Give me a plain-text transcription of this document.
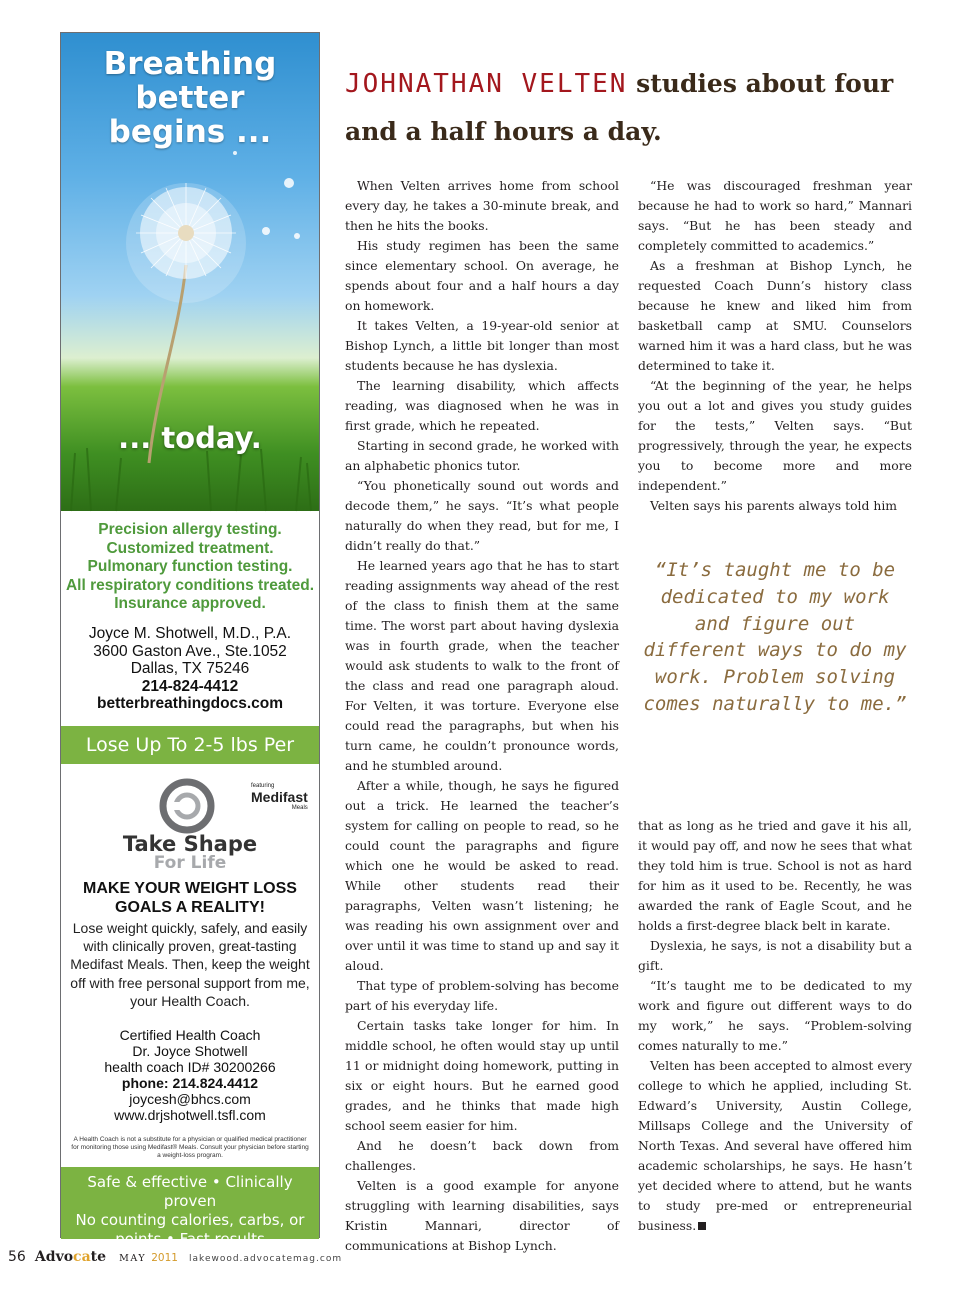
Breathing
better
begins ...
... today.
Precision allergy testing.
Customized treatment.
Pulmonary function testing.
All respiratory conditions treated.
Insurance approved.
Joyce M. Shotwell, M.D., P.A.
3600 Gaston Ave., Ste.1052
Dallas, TX 75246
214-824-4412
betterbreathingdocs.com
Lose Up To 2-5 lbs Per Week	featuring
Medifast
Meals
Take Shape
For Life
MAKE YOUR WEIGHT LOSS
GOALS A REALITY!
Lose weight quickly, safely, and easily with clinically proven, great-tasting Medifast Meals. Then, keep the weight off with free personal support from me, your Health Coach.
Certified Health Coach
Dr. Joyce Shotwell
health coach ID# 30200266
phone: 214.824.4412
joycesh@bhcs.com
www.drjshotwell.tsfl.com
A Health Coach is not a substitute for a physician or qualified medical practitioner for monitoring those using Medifast® Meals. Consult your physician before starting a weight-loss program.
Safe & effective • Clinically proven
No counting calories, carbs, or
points • Fast results
JOHNATHAN VELTEN studies about four and a half hours a day.

When Velten arrives home from school every day, he takes a 30-minute break, and then he hits the books.

His study regimen has been the same since elementary school. On average, he spends about four and a half hours a day on homework.

It takes Velten, a 19-year-old senior at Bishop Lynch, a little bit longer than most students because he has dyslexia.

The learning disability, which affects reading, was diagnosed when he was in first grade, which he repeated.

Starting in second grade, he worked with an alphabetic phonics tutor.

“You phonetically sound out words and decode them,” he says. “It’s what people naturally do when they read, but for me, I didn’t really do that.”

He learned years ago that he has to start reading assignments way ahead of the rest of the class to finish them at the same time. The worst part about having dyslexia was in fourth grade, when the teacher would ask students to walk to the front of the class and read one paragraph aloud. For Velten, it was torture. Everyone else could read the paragraphs, but when his turn came, he couldn’t pronounce words, and he stumbled around.

After a while, though, he says he figured out a trick. He learned the teacher’s system for calling on people to read, so he could count the paragraphs and figure which one he would be asked to read. While other students read their paragraphs, Velten wasn’t listening; he was reading his own assignment over and over until it was time to stand up and say it aloud.

That type of problem-solving has become part of his everyday life.

Certain tasks take longer for him. In middle school, he often would stay up until 11 or midnight doing homework, putting in six or eight hours. But he earned good grades, and he thinks that made high school seem easier for him.

And he doesn’t back down from challenges.

Velten is a good example for anyone struggling with learning disabilities, says Kristin Mannari, director of communications at Bishop Lynch.

“He was discouraged freshman year because he had to work so hard,” Mannari says. “But he has been steady and completely committed to academics.”

As a freshman at Bishop Lynch, he requested Coach Dunn’s history class because he knew and liked him from basketball camp at SMU. Counselors warned him it was a hard class, but he was determined to take it.

“At the beginning of the year, he helps you out a lot and gives you study guides for the tests,” Velten says. “But progressively, through the year, he expects you to become more and more independent.”

Velten says his parents always told him

“It’s taught me to be dedicated to my work and figure out different ways to do my work. Problem solving comes naturally to me.”

that as long as he tried and gave it his all, it would pay off, and now he sees that what they told him is true. School is not as hard for him as it used to be. Recently, he was awarded the rank of Eagle Scout, and he holds a first-degree black belt in karate.

Dyslexia, he says, is not a disability but a gift.

“It’s taught me to be dedicated to my work and figure out different ways to do my work,” he says. “Problem-solving comes naturally to me.”

Velten has been accepted to almost every college to which he applied, including St. Edward’s University, Austin College, Millsaps College and the University of North Texas. And several have offered him academic scholarships, he says. He hasn’t yet decided where to attend, but he wants to study pre-med or entrepreneurial business.

56 Advocate MAY 2011 lakewood.advocatemag.com
